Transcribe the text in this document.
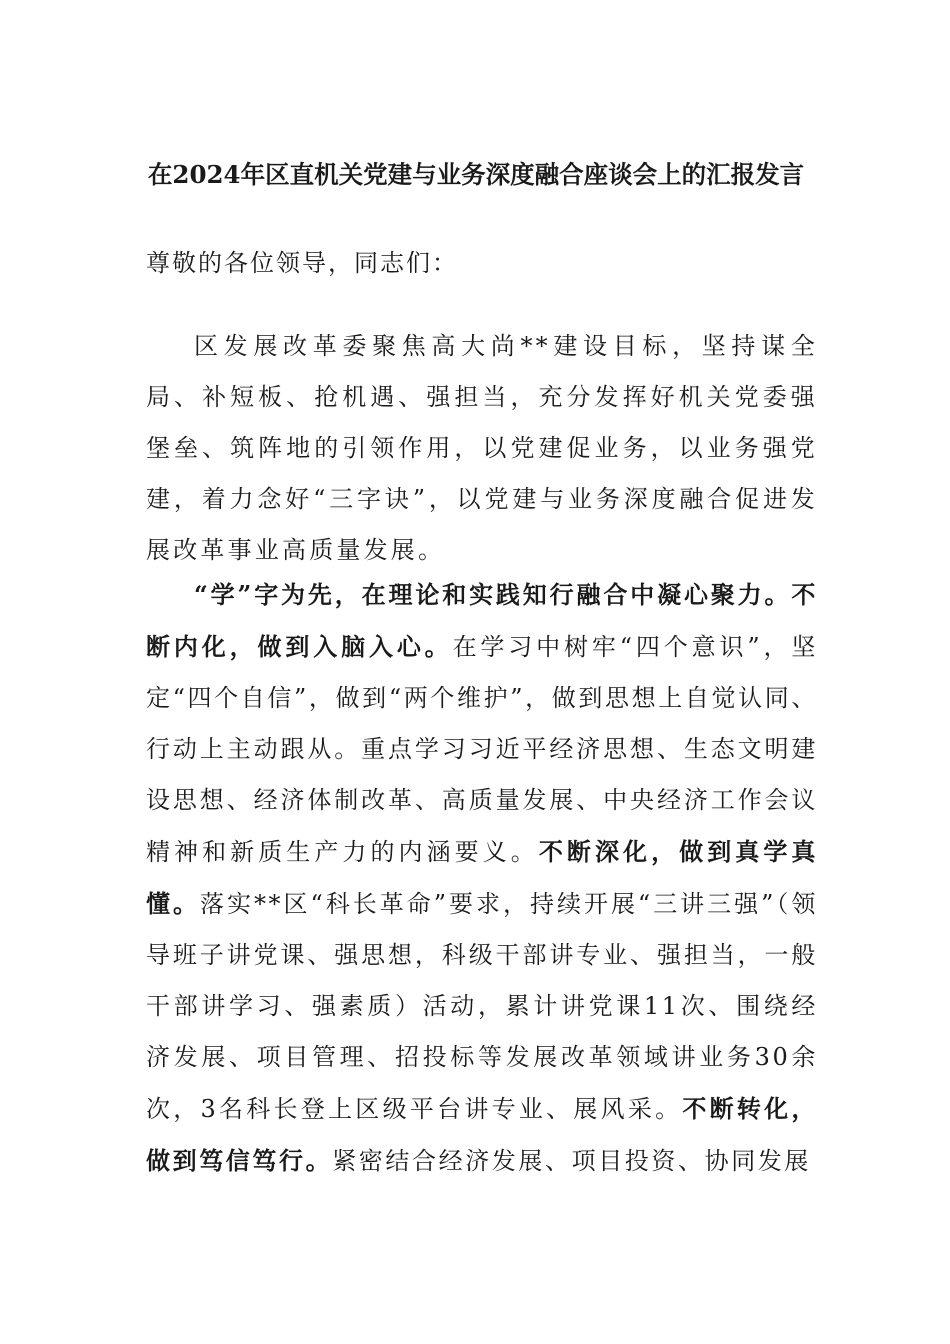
在2024年区直机关党建与业务深度融合座谈会上的汇报发言
尊敬的各位领导，同志们：
区发展改革委聚焦高大尚**建设目标，坚持谋全局、补短板、抢机遇、强担当，充分发挥好机关党委强堡垒、筑阵地的引领作用，以党建促业务，以业务强党建，着力念好“三字诀”，以党建与业务深度融合促进发展改革事业高质量发展。
“学”字为先，在理论和实践知行融合中凝心聚力。不断内化，做到入脑入心。在学习中树牢“四个意识”，坚定“四个自信”，做到“两个维护”，做到思想上自觉认同、行动上主动跟从。重点学习习近平经济思想、生态文明建设思想、经济体制改革、高质量发展、中央经济工作会议精神和新质生产力的内涵要义。不断深化，做到真学真懂。落实**区“科长革命”要求，持续开展“三讲三强”（领导班子讲党课、强思想，科级干部讲专业、强担当，一般干部讲学习、强素质）活动，累计讲党课11次、围绕经济发展、项目管理、招投标等发展改革领域讲业务30余次，3名科长登上区级平台讲专业、展风采。不断转化，做到笃信笃行。紧密结合经济发展、项目投资、协同发展
